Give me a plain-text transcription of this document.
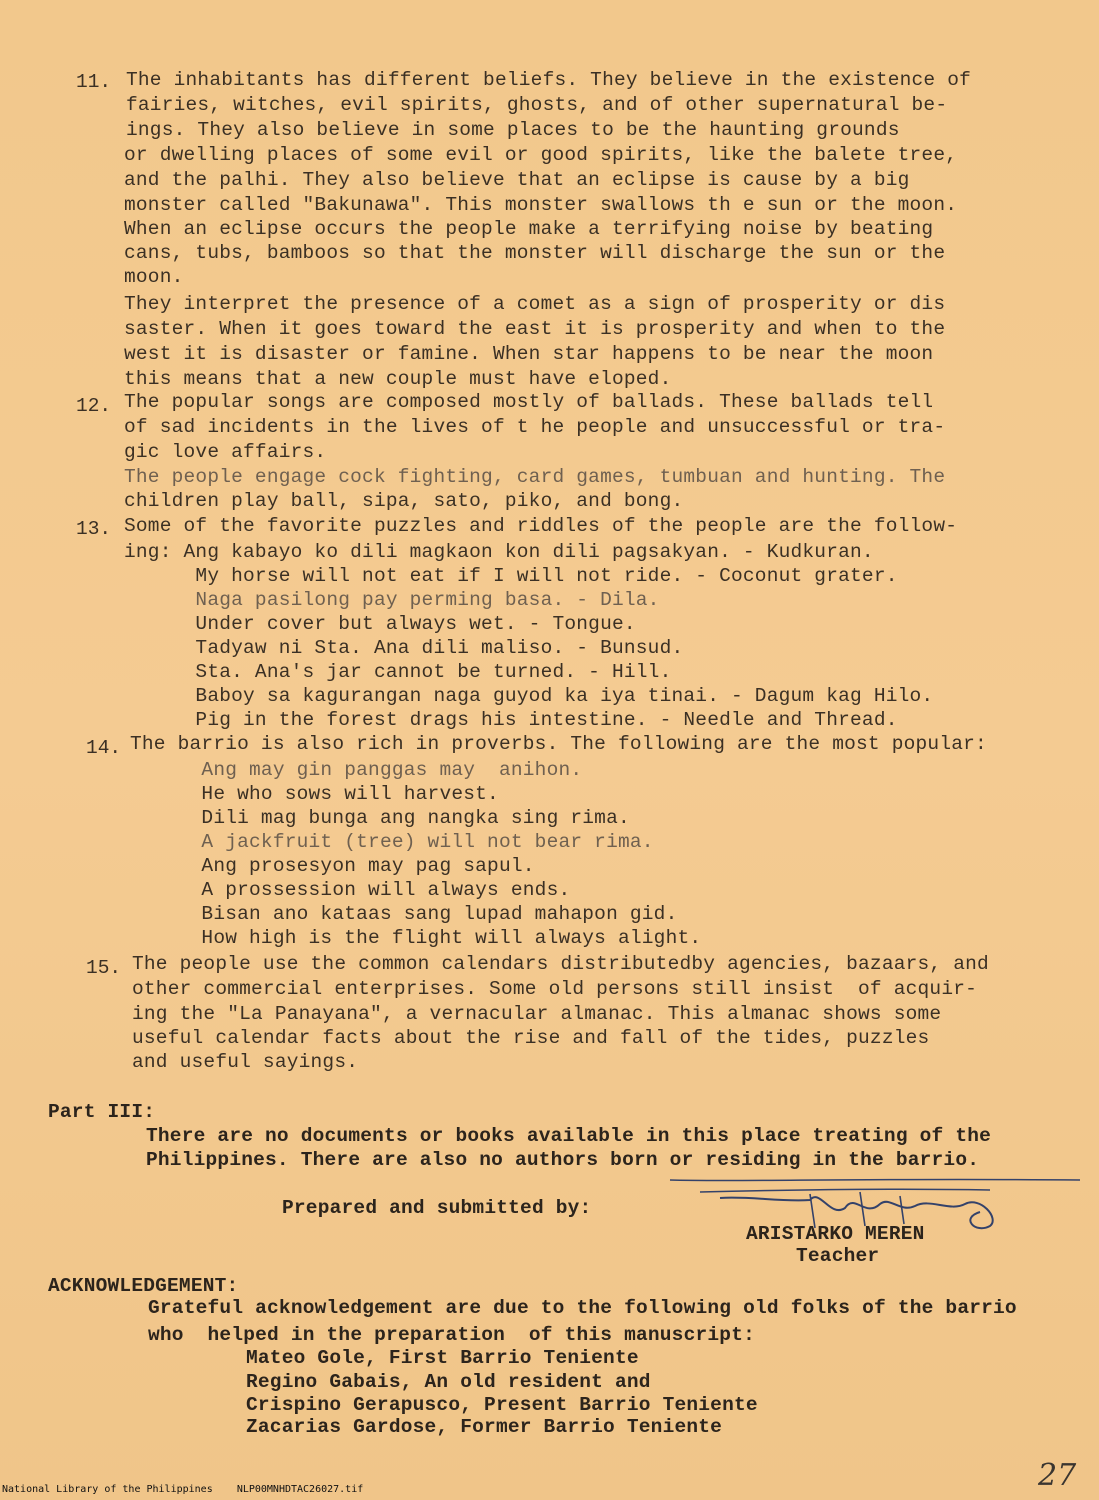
11. The inhabitants has different beliefs. They believe in the existence of
fairies, witches, evil spirits, ghosts, and of other supernatural be-
ings. They also believe in some places to be the haunting grounds
or dwelling places of some evil or good spirits, like the balete tree,
and the palhi. They also believe that an eclipse is cause by a big
monster called "Bakunawa". This monster swallows th e sun or the moon.
When an eclipse occurs the people make a terrifying noise by beating
cans, tubs, bamboos so that the monster will discharge the sun or the
moon.
They interpret the presence of a comet as a sign of prosperity or dis
saster. When it goes toward the east it is prosperity and when to the
west it is disaster or famine. When star happens to be near the moon
this means that a new couple must have eloped.
12. The popular songs are composed mostly of ballads. These ballads tell
of sad incidents in the lives of t he people and unsuccessful or tra-
gic love affairs.
The people engage cock fighting, card games, tumbuan and hunting. The
children play ball, sipa, sato, piko, and bong.
13. Some of the favorite puzzles and riddles of the people are the follow-
ing: Ang kabayo ko dili magkaon kon dili pagsakyan. - Kudkuran.
My horse will not eat if I will not ride. - Coconut grater.
Naga pasilong pay perming basa. - Dila.
Under cover but always wet. - Tongue.
Tadyaw ni Sta. Ana dili maliso. - Bunsud.
Sta. Ana's jar cannot be turned. - Hill.
Baboy sa kagurangan naga guyod ka iya tinai. - Dagum kag Hilo.
Pig in the forest drags his intestine. - Needle and Thread.
14. The barrio is also rich in proverbs. The following are the most popular:
Ang may gin panggas may  anihon.
He who sows will harvest.
Dili mag bunga ang nangka sing rima.
A jackfruit (tree) will not bear rima.
Ang prosesyon may pag sapul.
A prossession will always ends.
Bisan ano kataas sang lupad mahapon gid.
How high is the flight will always alight.
15. The people use the common calendars distributedby agencies, bazaars, and
other commercial enterprises. Some old persons still insist  of acquir-
ing the "La Panayana", a vernacular almanac. This almanac shows some
useful calendar facts about the rise and fall of the tides, puzzles
and useful sayings.
Part III:
There are no documents or books available in this place treating of the
Philippines. There are also no authors born or residing in the barrio.
Prepared and submitted by:
ARISTARKO MEREN
Teacher
ACKNOWLEDGEMENT:
Grateful acknowledgement are due to the following old folks of the barrio
who  helped in the preparation  of this manuscript:
Mateo Gole, First Barrio Teniente
Regino Gabais, An old resident and
Crispino Gerapusco, Present Barrio Teniente
Zacarias Gardose, Former Barrio Teniente
27
National Library of the Philippines NLP00MNHDTAC26027.tif
